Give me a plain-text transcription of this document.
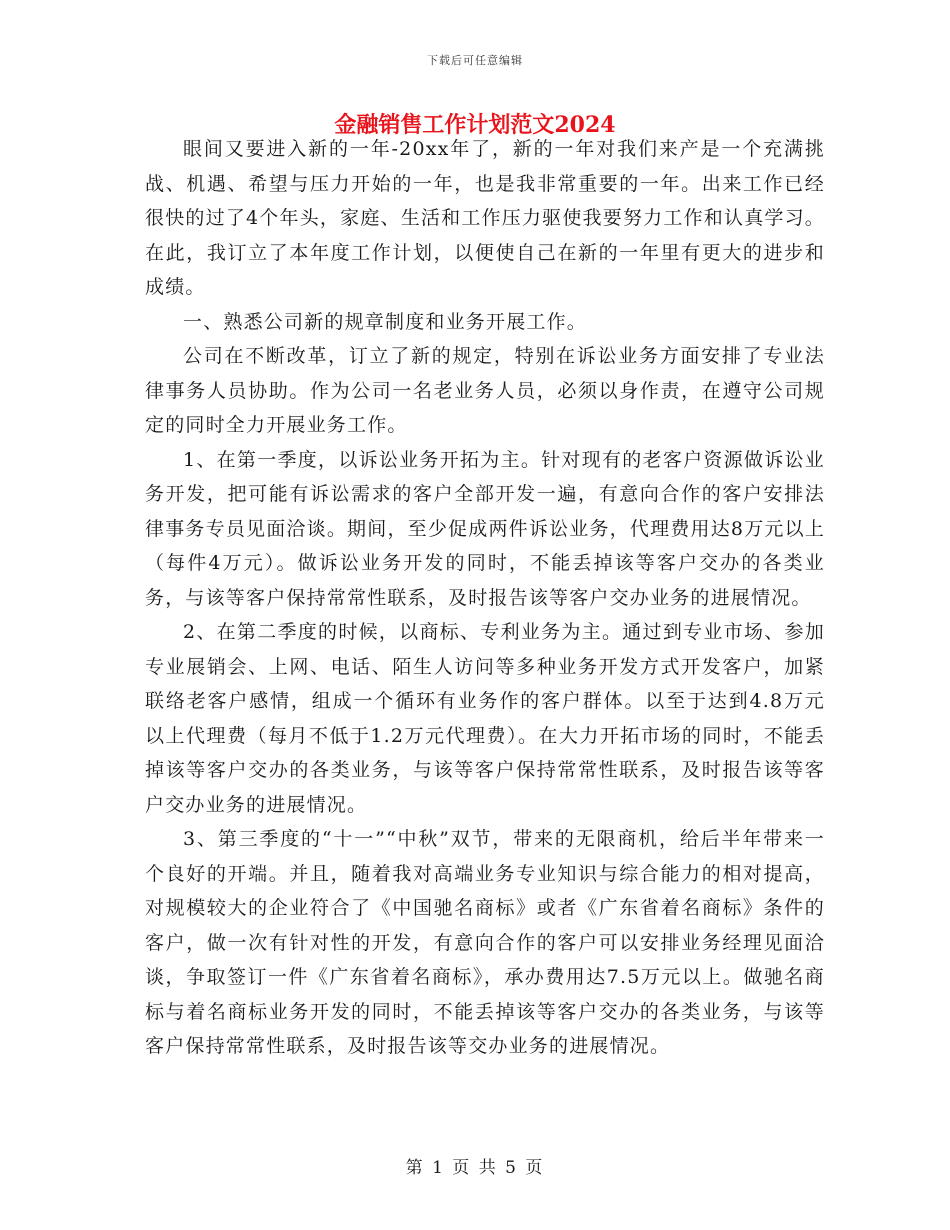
下载后可任意编辑
金融销售工作计划范文2024

眼间又要进入新的一年-20xx年了，新的一年对我们来产是一个充满挑战、机遇、希望与压力开始的一年，也是我非常重要的一年。出来工作已经很快的过了4个年头，家庭、生活和工作压力驱使我要努力工作和认真学习。在此，我订立了本年度工作计划，以便使自己在新的一年里有更大的进步和成绩。

一、熟悉公司新的规章制度和业务开展工作。

公司在不断改革，订立了新的规定，特别在诉讼业务方面安排了专业法律事务人员协助。作为公司一名老业务人员，必须以身作责，在遵守公司规定的同时全力开展业务工作。

1、在第一季度，以诉讼业务开拓为主。针对现有的老客户资源做诉讼业务开发，把可能有诉讼需求的客户全部开发一遍，有意向合作的客户安排法律事务专员见面洽谈。期间，至少促成两件诉讼业务，代理费用达8万元以上（每件4万元）。做诉讼业务开发的同时，不能丢掉该等客户交办的各类业务，与该等客户保持常常性联系，及时报告该等客户交办业务的进展情况。

2、在第二季度的时候，以商标、专利业务为主。通过到专业市场、参加专业展销会、上网、电话、陌生人访问等多种业务开发方式开发客户，加紧联络老客户感情，组成一个循环有业务作的客户群体。以至于达到4.8万元以上代理费（每月不低于1.2万元代理费）。在大力开拓市场的同时，不能丢掉该等客户交办的各类业务，与该等客户保持常常性联系，及时报告该等客户交办业务的进展情况。

3、第三季度的“十一”“中秋”双节，带来的无限商机，给后半年带来一个良好的开端。并且，随着我对高端业务专业知识与综合能力的相对提高，对规模较大的企业符合了《中国驰名商标》或者《广东省着名商标》条件的客户，做一次有针对性的开发，有意向合作的客户可以安排业务经理见面洽谈，争取签订一件《广东省着名商标》，承办费用达7.5万元以上。做驰名商标与着名商标业务开发的同时，不能丢掉该等客户交办的各类业务，与该等客户保持常常性联系，及时报告该等交办业务的进展情况。

第 1 页 共 5 页
